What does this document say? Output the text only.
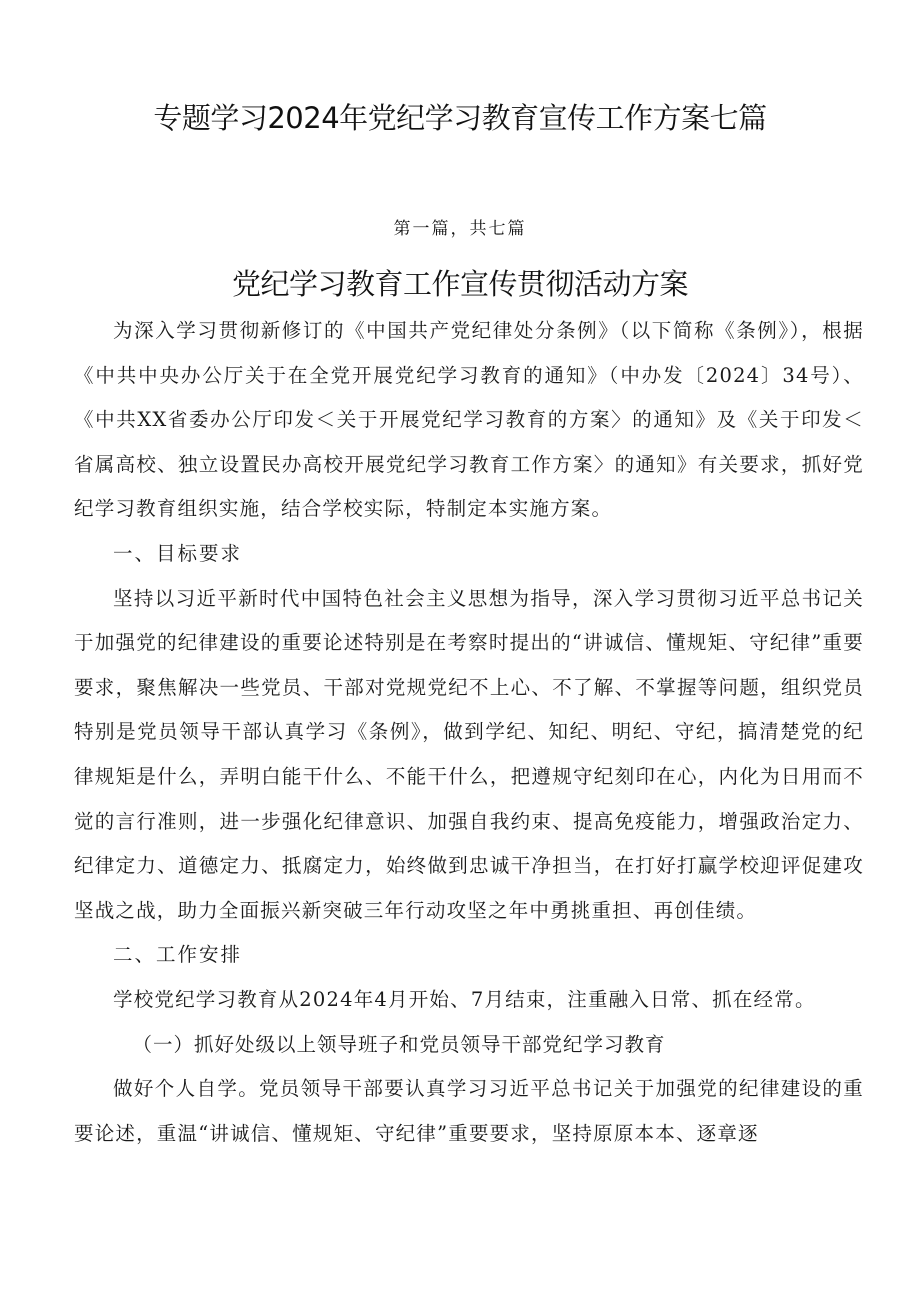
专题学习2024年党纪学习教育宣传工作方案七篇
第一篇，共七篇
党纪学习教育工作宣传贯彻活动方案

为深入学习贯彻新修订的《中国共产党纪律处分条例》（以下简称《条例》），根据《中共中央办公厅关于在全党开展党纪学习教育的通知》（中办发〔2024〕34号）、《中共XX省委办公厅印发＜关于开展党纪学习教育的方案〉的通知》及《关于印发＜省属高校、独立设置民办高校开展党纪学习教育工作方案〉的通知》有关要求，抓好党纪学习教育组织实施，结合学校实际，特制定本实施方案。

一、目标要求

坚持以习近平新时代中国特色社会主义思想为指导，深入学习贯彻习近平总书记关于加强党的纪律建设的重要论述特别是在考察时提出的“讲诚信、懂规矩、守纪律”重要要求，聚焦解决一些党员、干部对党规党纪不上心、不了解、不掌握等问题，组织党员特别是党员领导干部认真学习《条例》，做到学纪、知纪、明纪、守纪，搞清楚党的纪律规矩是什么，弄明白能干什么、不能干什么，把遵规守纪刻印在心，内化为日用而不觉的言行准则，进一步强化纪律意识、加强自我约束、提高免疫能力，增强政治定力、纪律定力、道德定力、抵腐定力，始终做到忠诚干净担当，在打好打赢学校迎评促建攻坚战之战，助力全面振兴新突破三年行动攻坚之年中勇挑重担、再创佳绩。

二、工作安排

学校党纪学习教育从2024年4月开始、7月结束，注重融入日常、抓在经常。

（一）抓好处级以上领导班子和党员领导干部党纪学习教育

做好个人自学。党员领导干部要认真学习习近平总书记关于加强党的纪律建设的重要论述，重温“讲诚信、懂规矩、守纪律”重要要求，坚持原原本本、逐章逐
